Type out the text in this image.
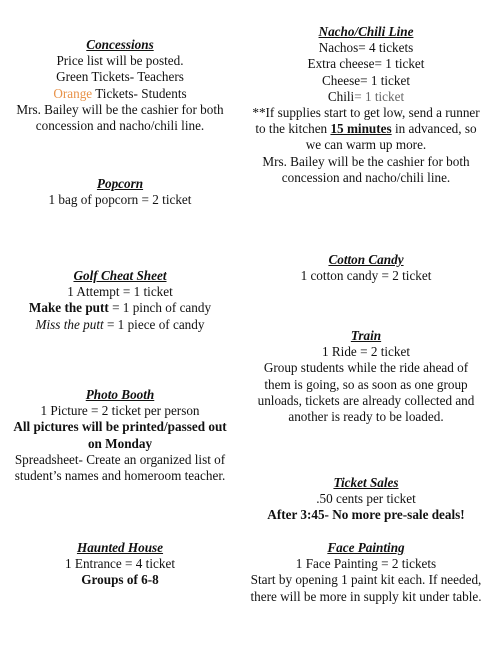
Concessions
Price list will be posted.
Green Tickets- Teachers
Orange Tickets- Students
Mrs. Bailey will be the cashier for both concession and nacho/chili line.
Nacho/Chili Line
Nachos= 4 tickets
Extra cheese= 1 ticket
Cheese= 1 ticket
Chili= 1 ticket
**If supplies start to get low, send a runner to the kitchen 15 minutes in advanced, so we can warm up more.
Mrs. Bailey will be the cashier for both concession and nacho/chili line.
Popcorn
1 bag of popcorn = 2 ticket
Cotton Candy
1 cotton candy = 2 ticket
Golf Cheat Sheet
1 Attempt = 1 ticket
Make the putt = 1 pinch of candy
Miss the putt = 1 piece of candy
Train
1 Ride = 2 ticket
Group students while the ride ahead of them is going, so as soon as one group unloads, tickets are already collected and another is ready to be loaded.
Photo Booth
1 Picture = 2 ticket per person
All pictures will be printed/passed out on Monday
Spreadsheet- Create an organized list of student’s names and homeroom teacher.	Ticket Sales
.50 cents per ticket
After 3:45- No more pre-sale deals!
Haunted House
1 Entrance = 4 ticket
Groups of 6-8
Face Painting
1 Face Painting = 2 tickets
Start by opening 1 paint kit each. If needed, there will be more in supply kit under table.
